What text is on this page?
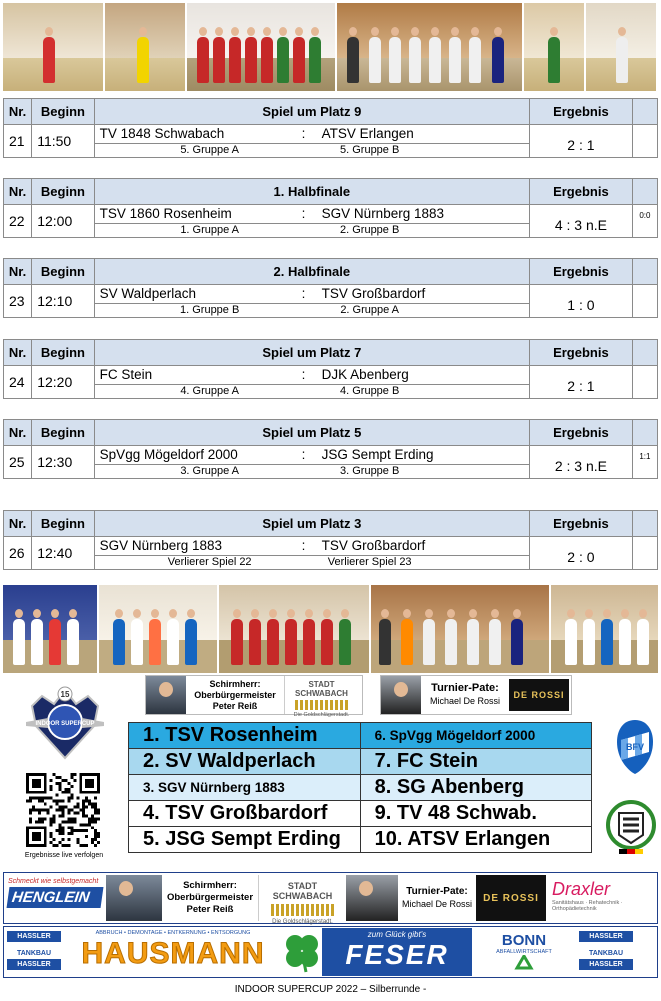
Nr.	Beginn	Spiel um Platz 9	Ergebnis	
21	11:50	TV 1848 Schwabach : ATSV Erlangen	2 : 1	

		5. Gruppe A 5. Gruppe B		
Nr.	Beginn	1. Halbfinale	Ergebnis	
22	12:00	TSV 1860 Rosenheim : SGV Nürnberg 1883	4 : 3 n.E	0:0

		1. Gruppe A 2. Gruppe B		
Nr.	Beginn	2. Halbfinale	Ergebnis	
23	12:10	SV Waldperlach : TSV Großbardorf	1 : 0	

		1. Gruppe B 2. Gruppe A		
Nr.	Beginn	Spiel um Platz 7	Ergebnis	
24	12:20	FC Stein : DJK Abenberg	2 : 1	

		4. Gruppe A 4. Gruppe B		
Nr.	Beginn	Spiel um Platz 5	Ergebnis	
25	12:30	SpVgg Mögeldorf 2000 : JSG Sempt Erding	2 : 3 n.E	1:1

		3. Gruppe A 3. Gruppe B		
Nr.	Beginn	Spiel um Platz 3	Ergebnis	
26	12:40	SGV Nürnberg 1883 : TSV Großbardorf	2 : 0	

		Verlierer Spiel 22 Verlierer Spiel 23		
15
INDOOR SUPERCUP
Ergebnisse live verfolgen
Schirmherr:
Oberbürgermeister
Peter Reiß
STADT SCHWABACH
Die Goldschlägerstadt.
Turnier-Pate:
Michael De Rossi
DE ROSSI
1. TSV Rosenheim	6. SpVgg Mögeldorf 2000
2. SV Waldperlach	7. FC Stein
3. SGV Nürnberg 1883	8. SG Abenberg
4. TSV Großbardorf	9. TV 48 Schwab.
5. JSG Sempt Erding	10. ATSV Erlangen
BFV
Schmeckt wie selbstgemacht
HENGLEIN
Schirmherr:
Oberbürgermeister
Peter Reiß
STADT SCHWABACH
Die Goldschlägerstadt.
Turnier-Pate:
Michael De Rossi
DE ROSSI Draxler
Sanitätshaus · Rehatechnik · Orthopädietechnik
HASSLER
TANKBAU
HASSLER
ABBRUCH • DEMONTAGE • ENTKERNUNG • ENTSORGUNG
HAUSMANN
zum Glück gibt's
FESER	BONN
ABFALLWIRTSCHAFT
HASSLER
TANKBAU
HASSLER
INDOOR SUPERCUP 2022 – Silberrunde -
